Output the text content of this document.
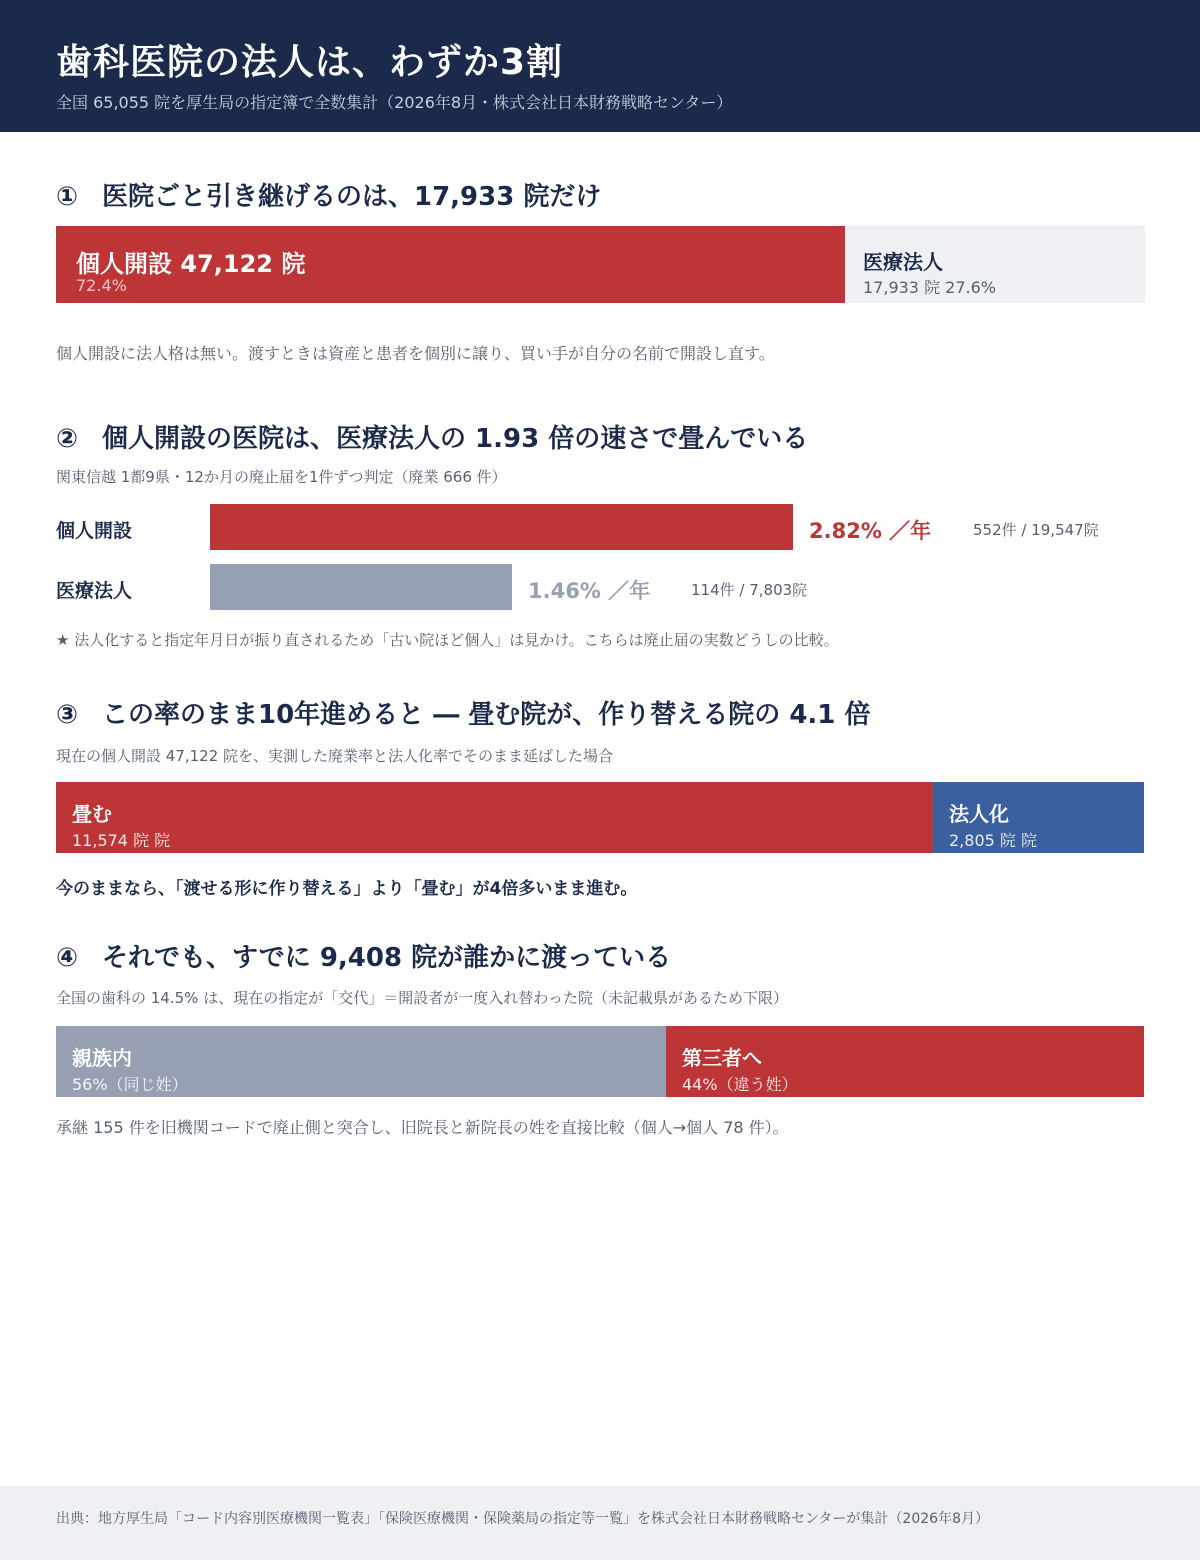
歯科医院の法人は、わずか3割
全国 65,055 院を厚生局の指定簿で全数集計（2026年8月・株式会社日本財務戦略センター）
① 医院ごと引き継げるのは、17,933 院だけ
個人開設 47,122 院
72.4%
医療法人
17,933 院 27.6%
個人開設に法人格は無い。渡すときは資産と患者を個別に譲り、買い手が自分の名前で開設し直す。
② 個人開設の医院は、医療法人の 1.93 倍の速さで畳んでいる
関東信越 1都9県・12か月の廃止届を1件ずつ判定（廃業 666 件）
個人開設	2.82% ／年	552件 / 19,547院
医療法人	1.46% ／年	114件 / 7,803院
★ 法人化すると指定年月日が振り直されるため「古い院ほど個人」は見かけ。こちらは廃止届の実数どうしの比較。
③ この率のまま10年進めると ― 畳む院が、作り替える院の 4.1 倍
現在の個人開設 47,122 院を、実測した廃業率と法人化率でそのまま延ばした場合
畳む
11,574 院 院
法人化
2,805 院 院
今のままなら、「渡せる形に作り替える」より「畳む」が4倍多いまま進む。
④ それでも、すでに 9,408 院が誰かに渡っている
全国の歯科の 14.5% は、現在の指定が「交代」＝開設者が一度入れ替わった院（未記載県があるため下限）
親族内
56%（同じ姓）
第三者へ
44%（違う姓）
承継 155 件を旧機関コードで廃止側と突合し、旧院長と新院長の姓を直接比較（個人→個人 78 件）。
出典：地方厚生局「コード内容別医療機関一覧表」「保険医療機関・保険薬局の指定等一覧」を株式会社日本財務戦略センターが集計（2026年8月）
